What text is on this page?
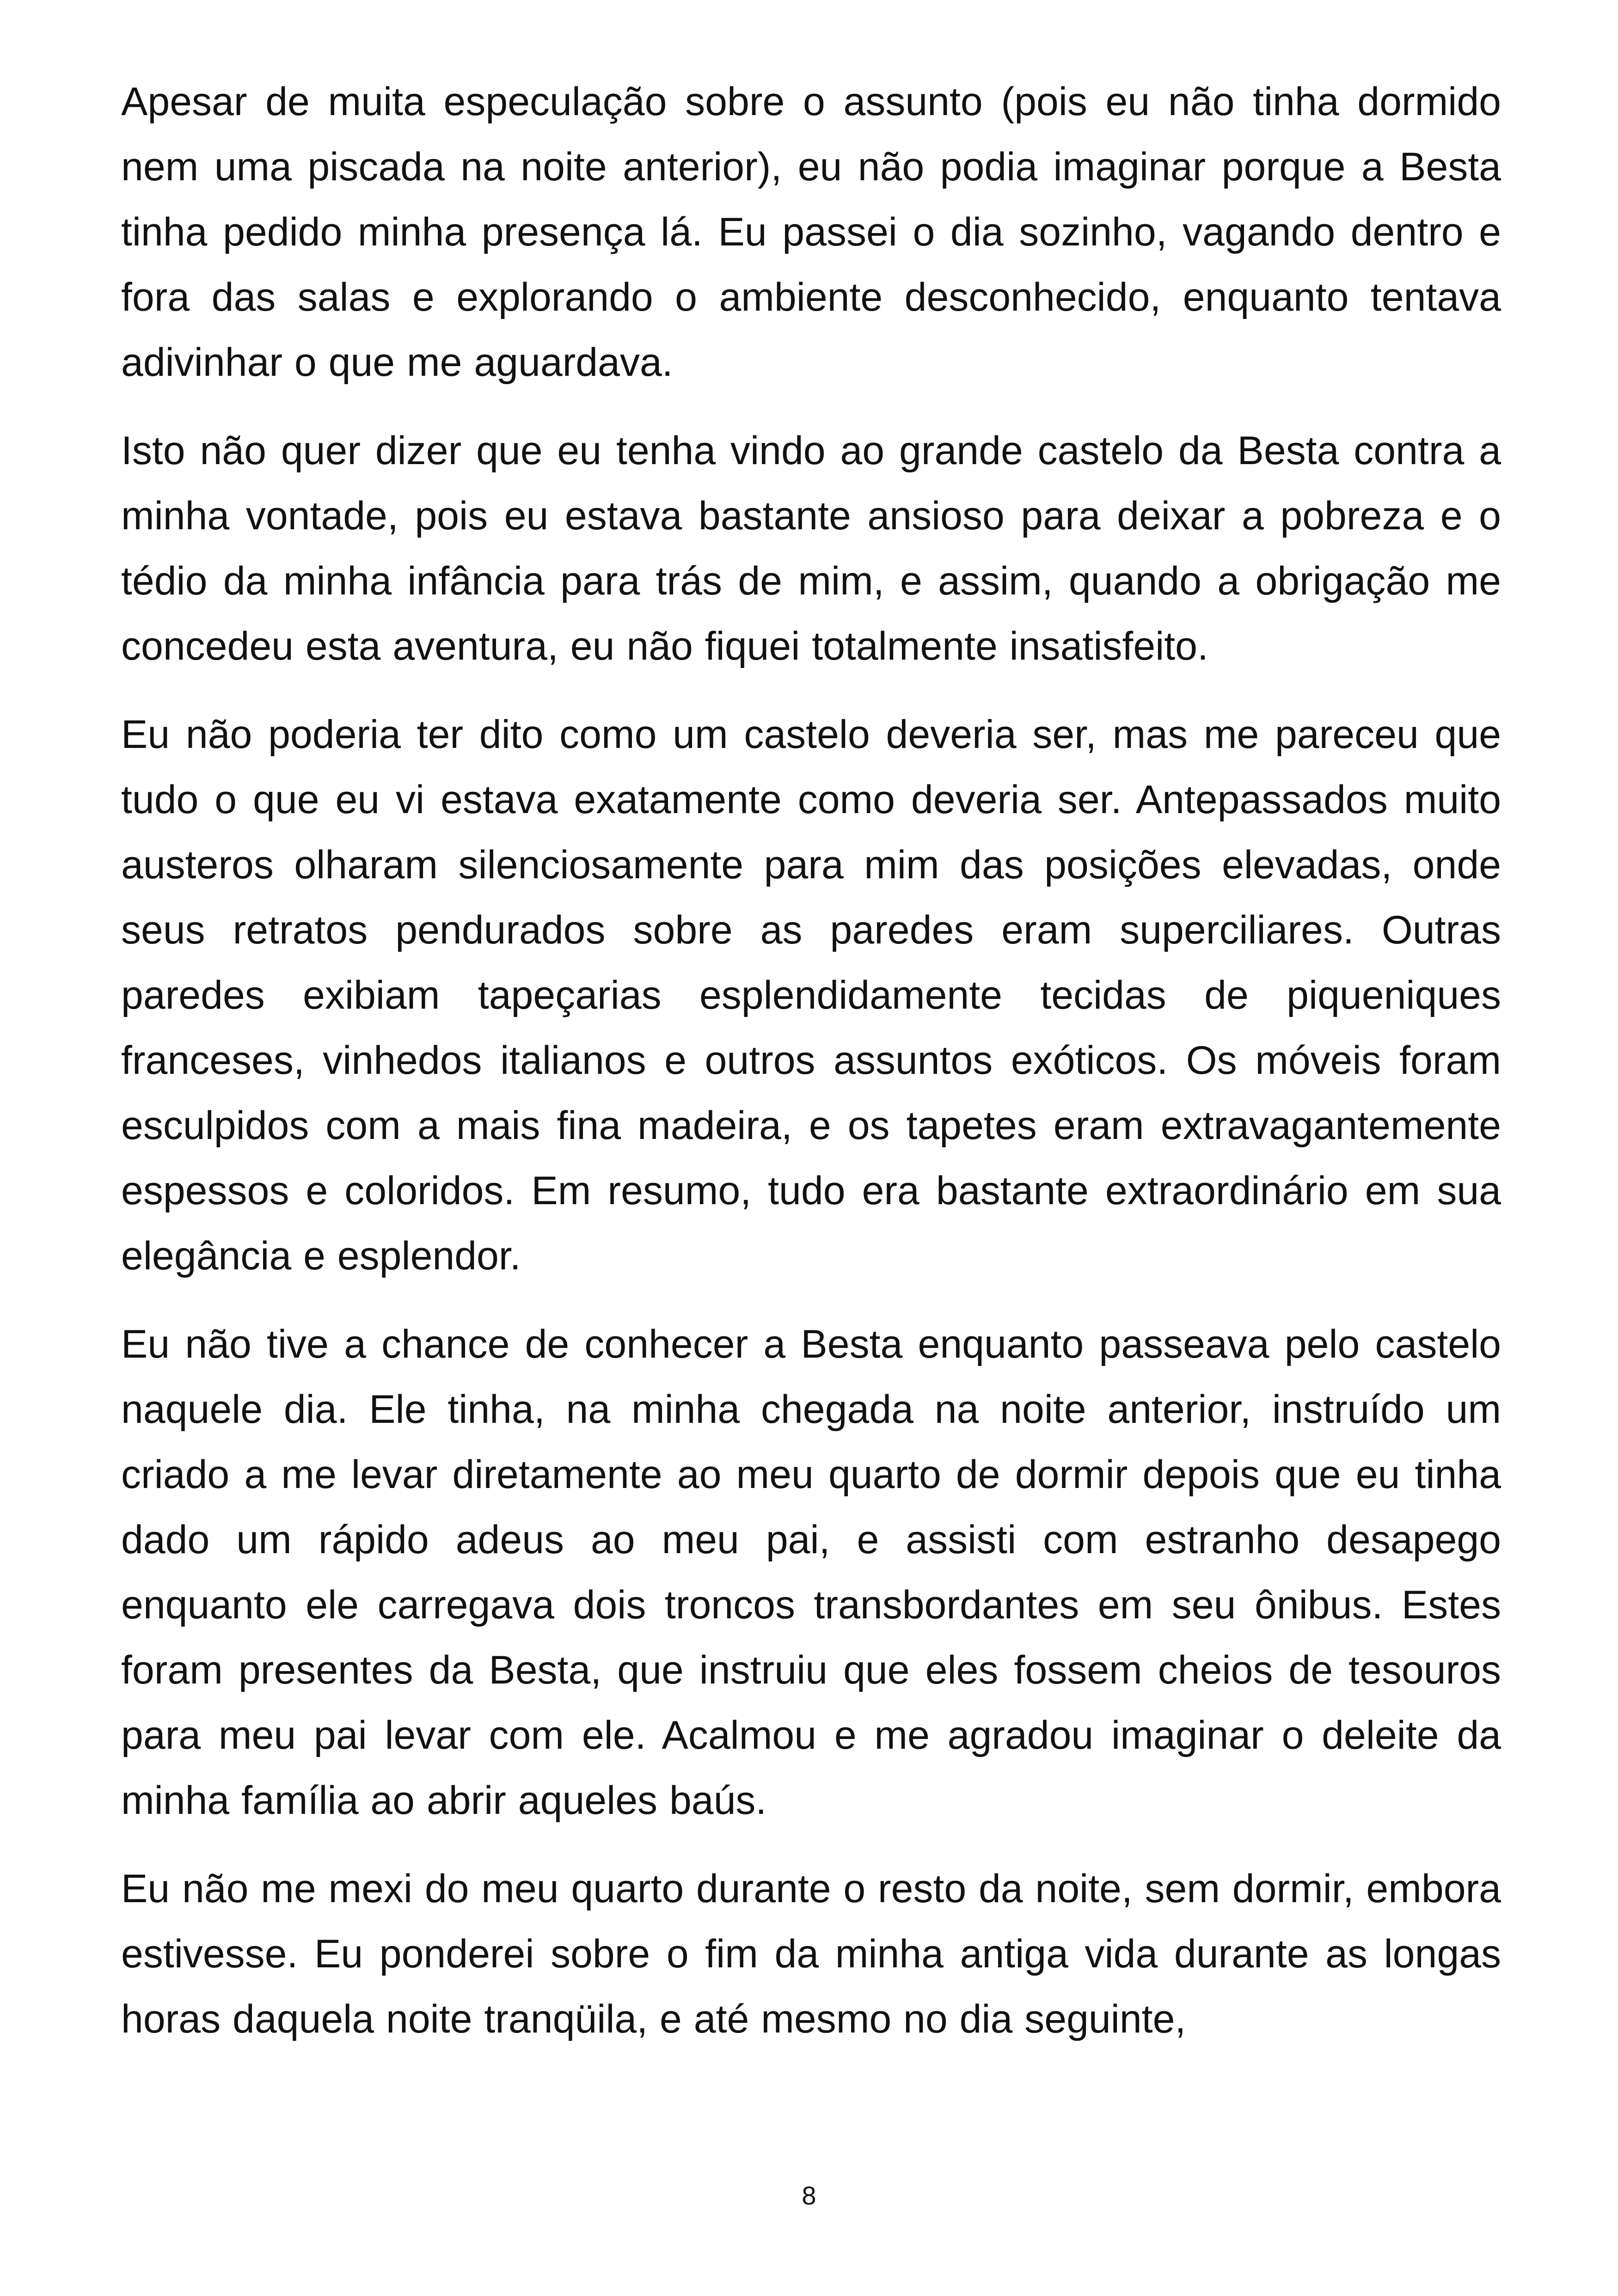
Apesar de muita especulação sobre o assunto (pois eu não tinha dormido nem uma piscada na noite anterior), eu não podia imaginar porque a Besta tinha pedido minha presença lá. Eu passei o dia sozinho, vagando dentro e fora das salas e explorando o ambiente desconhecido, enquanto tentava adivinhar o que me aguardava.

Isto não quer dizer que eu tenha vindo ao grande castelo da Besta contra a minha vontade, pois eu estava bastante ansioso para deixar a pobreza e o tédio da minha infância para trás de mim, e assim, quando a obrigação me concedeu esta aventura, eu não fiquei totalmente insatisfeito.

Eu não poderia ter dito como um castelo deveria ser, mas me pareceu que tudo o que eu vi estava exatamente como deveria ser. Antepassados muito austeros olharam silenciosamente para mim das posições elevadas, onde seus retratos pendurados sobre as paredes eram superciliares. Outras paredes exibiam tapeçarias esplendidamente tecidas de piqueniques franceses, vinhedos italianos e outros assuntos exóticos. Os móveis foram esculpidos com a mais fina madeira, e os tapetes eram extravagantemente espessos e coloridos. Em resumo, tudo era bastante extraordinário em sua elegância e esplendor.

Eu não tive a chance de conhecer a Besta enquanto passeava pelo castelo naquele dia. Ele tinha, na minha chegada na noite anterior, instruído um criado a me levar diretamente ao meu quarto de dormir depois que eu tinha dado um rápido adeus ao meu pai, e assisti com estranho desapego enquanto ele carregava dois troncos transbordantes em seu ônibus. Estes foram presentes da Besta, que instruiu que eles fossem cheios de tesouros para meu pai levar com ele. Acalmou e me agradou imaginar o deleite da minha família ao abrir aqueles baús.

Eu não me mexi do meu quarto durante o resto da noite, sem dormir, embora estivesse. Eu ponderei sobre o fim da minha antiga vida durante as longas horas daquela noite tranqüila, e até mesmo no dia seguinte,

8
